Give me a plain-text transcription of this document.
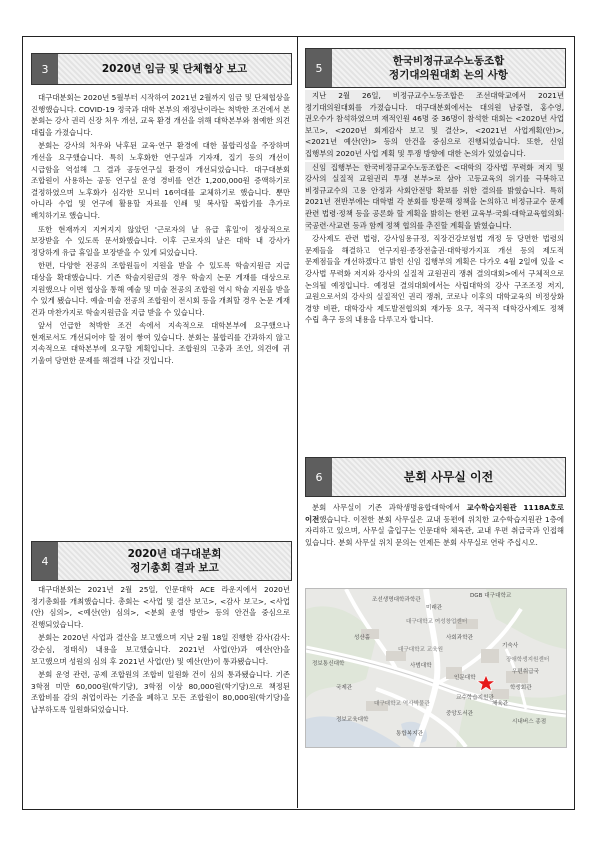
3	2020년 임금 및 단체협상 보고

대구대분회는 2020년 5월부터 시작하여 2021년 2월까지 임금 및 단체협상을 진행했습니다. COVID-19 정국과 대학 본부의 재정난이라는 척박한 조건에서 본 분회는 강사 권리 신장 처우 개선, 교육 환경 개선을 위해 대학본부와 첨예한 의견 대립을 가졌습니다.

분회는 강사의 처우와 낙후된 교육·연구 환경에 대한 불합리성을 주장하며 개선을 요구했습니다. 특히 노후화한 연구실과 기자재, 집기 등의 개선이 시급함을 역설해 그 결과 공동연구실 환경이 개선되었습니다. 대구대분회 조합원이 사용하는 공동 연구실 운영 경비를 연간 1,200,000원 증액하기로 결정하였으며 노후화가 심각한 모니터 16여대를 교체하기로 했습니다. 뿐만 아니라 수업 및 연구에 활용할 자료를 인쇄 및 복사할 복합기를 추가로 배치하기로 했습니다.

또한 현재까지 지켜지지 않았던 '근로자의 날 유급 휴일'이 정상적으로 보장받을 수 있도록 문서화했습니다. 이후 근로자의 날은 대학 내 강사가 정당하게 유급 휴일을 보장받을 수 있게 되었습니다.

한편, 다양한 전공의 조합원들이 지원을 받을 수 있도록 학술지원금 지급 대상을 확대했습니다. 기존 학술지원금의 경우 학술지 논문 게재를 대상으로 지원했으나 이번 협상을 통해 예술 및 미술 전공의 조합원 역시 학술 지원을 받을 수 있게 됐습니다. 예술·미술 전공의 조합원이 전시회 등을 개최할 경우 논문 게재 건과 마찬가지로 학술지원금을 지급 받을 수 있습니다.

앞서 언급한 척박한 조건 속에서 지속적으로 대학본부에 요구했으나 현재로서도 개선되어야 할 점이 쌓여 있습니다. 분회는 불합리를 간과하지 않고 지속적으로 대학본부에 요구할 계획입니다. 조합원의 고충과 조언, 의견에 귀 기울여 당면한 문제를 해결해 나갈 것입니다.

4
2020년 대구대분회
정기총회 결과 보고

대구대분회는 2021년 2월 25일, 인문대학 ACE 라운지에서 2020년 정기총회를 개최했습니다. 총회는 <사업 및 결산 보고>, <감사 보고>, <사업(안) 심의>, <예산(안) 심의>, <분회 운영 방안> 등의 안건을 중심으로 진행되었습니다.

분회는 2020년 사업과 결산을 보고했으며 지난 2월 18일 진행한 감사(감사: 강순심, 정태식) 내용을 보고했습니다. 2021년 사업(안)과 예산(안)을 보고했으며 성원의 심의 후 2021년 사업(안) 및 예산(안)이 통과됐습니다.

분회 운영 관련, 공제 조합원의 조합비 일원화 건이 심의 통과됐습니다. 기존 3학점 미만 60,000원(학기당), 3학점 이상 80,000원(학기당)으로 책정된 조합비를 감의 취업이라는 기준을 폐하고 모든 조합원이 80,000원(학기당)을 납부하도록 일원화되었습니다.

5
한국비정규교수노동조합
정기대의원대회 논의 사항

지난 2월 26일, 비정규교수노동조합은 조선대학교에서 2021년 정기대의원대회를 가졌습니다. 대구대분회에서는 대의원 남중렬, 홍수영, 권오수가 참석하였으며 재적인원 46명 중 36명이 참석한 대회는 <2020년 사업 보고>, <2020년 회계감사 보고 및 결산>, <2021년 사업계획(안)>, <2021년 예산(안)> 등의 안건을 중심으로 진행되었습니다. 또한, 신임 집행부의 2020년 사업 계획 및 투쟁 방향에 대한 논의가 있었습니다.

신임 집행부는 한국비정규교수노동조합은 <대학의 강사법 무력화 저지 및 강사의 실질적 교원권리 투쟁 본부>로 삼아 고등교육의 위기를 극복하고 비정규교수의 고용 안정과 사회안전망 확보를 위한 결의를 밝혔습니다. 특히 2021년 전반부에는 대학별 각 분회를 방문해 정책을 논의하고 비정규교수 문제 관련 법령·정책 등을 공론화 할 계획을 밝히는 한편 교육부·국회·대학교육협의회·국공련·사교련 등과 함께 정책 협의를 추진할 계획을 밝혔습니다.

강사제도 관련 법령, 강사임용규정, 직장건강보험법 개정 등 당면한 법령의 문제들을 해결하고 연구지원·종장전출권·대학평가지표 개선 등의 제도적 문제점들을 개선하겠다고 밝힌 신임 집행부의 계획은 다가오 4월 2일에 있을 <강사법 무력화 저지와 강사의 실질적 교원권리 쟁취 결의대회>에서 구체적으로 논의될 예정입니다. 예정된 결의대회에서는 사립대학의 강사 구조조정 저지, 교원으로서의 강사의 실질적인 권리 쟁취, 코로나 이후의 대학교육의 비정상화 경향 비판, 대학강사 제도발전협의회 재가동 요구, 적극적 대학강사제도 정책 수립 촉구 등의 내용을 다루고자 합니다.

6	분회 사무실 이전

분회 사무실이 기존 과학생명융합대학에서 교수학습지원관 1118A호로 이전했습니다. 이전한 분회 사무실은 교내 동편에 위치한 교수학습지원관 1층에 자리하고 있으며, 사무실 출입구는 인문대학 체육관, 교내 우편 취급국과 인접해 있습니다. 분회 사무실 위치 문의는 언제든 분회 사무실로 연락 주십시오.

조선생명대학과학관
미래관
DGB 대구대학교
대구대학교 여성창업센터
성산홀	사회과학관
대구대학교 교육원
정보통신대학
기숙사
사범대학
국제관
인문대학
교수학습지원관
장애학생지원센터
우편취급국
학생회관
대구대학교 역사박물관
중앙도서관
시내버스 종점
정보교육대학
통합복지관
체육관
